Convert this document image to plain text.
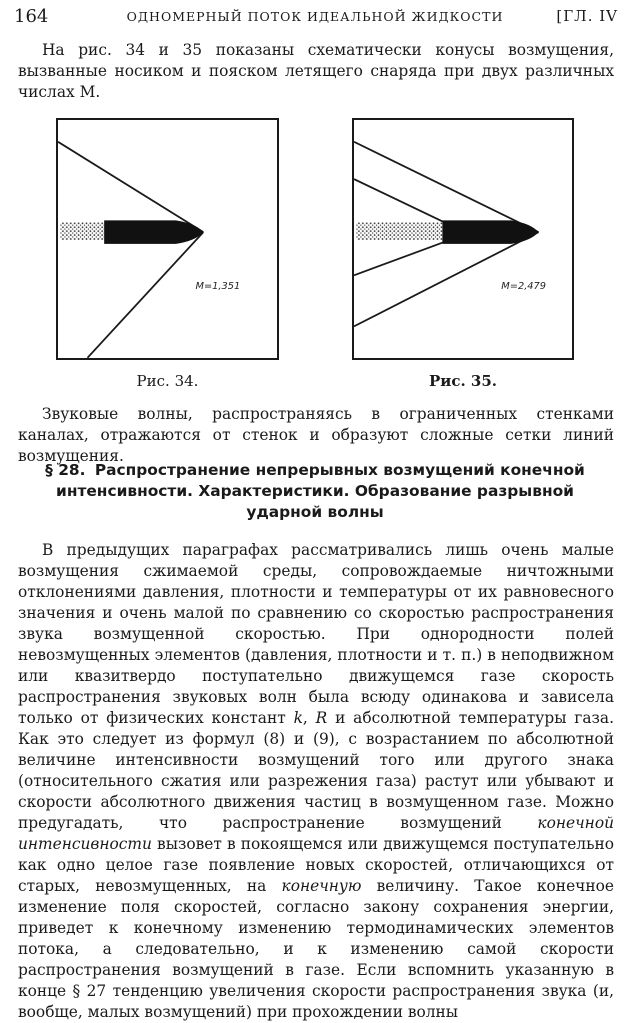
164	ОДНОМЕРНЫЙ ПОТОК ИДЕАЛЬНОЙ ЖИДКОСТИ	[ГЛ. IV

На рис. 34 и 35 показаны схематически конусы возмущения, вызванные носиком и пояском летящего снаряда при двух различных числах М.

M=1,351
Рис. 34.
M=2,479
Рис. 35.

Звуковые волны, распространяясь в ограниченных стенками каналах, отражаются от стенок и образуют сложные сетки линий возмущения.

§ 28. Распространение непрерывных возмущений конечной интенсивности. Характеристики. Образование разрывной ударной волны

В предыдущих параграфах рассматривались лишь очень малые возмущения сжимаемой среды, сопровождаемые ничтожными отклонениями давления, плотности и температуры от их равновесного значения и очень малой по сравнению со скоростью распространения звука возмущенной скоростью. При однородности полей невозмущенных элементов (давления, плотности и т. п.) в неподвижном или квазитвердо поступательно движущемся газе скорость распространения звуковых волн была всюду одинакова и зависела только от физических констант k, R и абсолютной температуры газа. Как это следует из формул (8) и (9), с возрастанием по абсолютной величине интенсивности возмущений того или другого знака (относительного сжатия или разрежения газа) растут или убывают и скорости абсолютного движения частиц в возмущенном газе. Можно предугадать, что распространение возмущений конечной интенсивности вызовет в покоящемся или движущемся поступательно как одно целое газе появление новых скоростей, отличающихся от старых, невозмущенных, на конечную величину. Такое конечное изменение поля скоростей, согласно закону сохранения энергии, приведет к конечному изменению термодинамических элементов потока, а следовательно, и к изменению самой скорости распространения возмущений в газе. Если вспомнить указанную в конце § 27 тенденцию увеличения скорости распространения звука (и, вообще, малых возмущений) при прохождении волны
